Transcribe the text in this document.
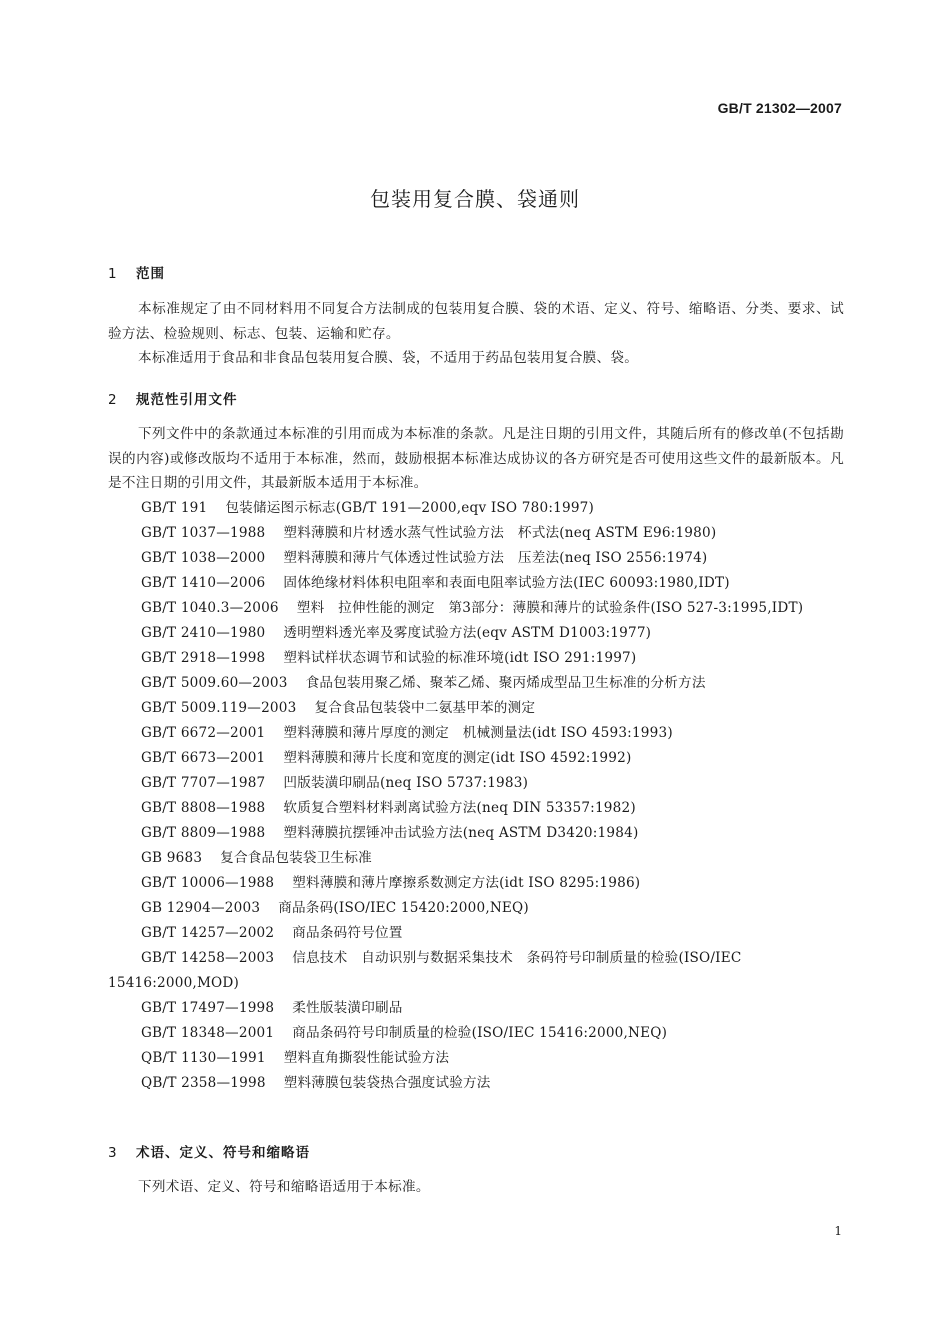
GB/T 21302—2007
包装用复合膜、袋通则
1 范围
本标准规定了由不同材料用不同复合方法制成的包装用复合膜、袋的术语、定义、符号、缩略语、分类、要求、试验方法、检验规则、标志、包装、运输和贮存。
本标准适用于食品和非食品包装用复合膜、袋，不适用于药品包装用复合膜、袋。
2 规范性引用文件
下列文件中的条款通过本标准的引用而成为本标准的条款。凡是注日期的引用文件，其随后所有的修改单(不包括勘误的内容)或修改版均不适用于本标准，然而，鼓励根据本标准达成协议的各方研究是否可使用这些文件的最新版本。凡是不注日期的引用文件，其最新版本适用于本标准。
GB/T 191 包装储运图示标志(GB/T 191—2000,eqv ISO 780:1997)
GB/T 1037—1988 塑料薄膜和片材透水蒸气性试验方法　杯式法(neq ASTM E96:1980)
GB/T 1038—2000 塑料薄膜和薄片气体透过性试验方法　压差法(neq ISO 2556:1974)
GB/T 1410—2006 固体绝缘材料体积电阻率和表面电阻率试验方法(IEC 60093:1980,IDT)
GB/T 1040.3—2006 塑料　拉伸性能的测定　第3部分：薄膜和薄片的试验条件(ISO 527-3:1995,IDT)
GB/T 2410—1980 透明塑料透光率及雾度试验方法(eqv ASTM D1003:1977)
GB/T 2918—1998 塑料试样状态调节和试验的标准环境(idt ISO 291:1997)
GB/T 5009.60—2003 食品包装用聚乙烯、聚苯乙烯、聚丙烯成型品卫生标准的分析方法
GB/T 5009.119—2003 复合食品包装袋中二氨基甲苯的测定
GB/T 6672—2001 塑料薄膜和薄片厚度的测定　机械测量法(idt ISO 4593:1993)
GB/T 6673—2001 塑料薄膜和薄片长度和宽度的测定(idt ISO 4592:1992)
GB/T 7707—1987 凹版装潢印刷品(neq ISO 5737:1983)
GB/T 8808—1988 软质复合塑料材料剥离试验方法(neq DIN 53357:1982)
GB/T 8809—1988 塑料薄膜抗摆锤冲击试验方法(neq ASTM D3420:1984)
GB 9683 复合食品包装袋卫生标准
GB/T 10006—1988 塑料薄膜和薄片摩擦系数测定方法(idt ISO 8295:1986)
GB 12904—2003 商品条码(ISO/IEC 15420:2000,NEQ)
GB/T 14257—2002 商品条码符号位置
GB/T 14258—2003 信息技术　自动识别与数据采集技术　条码符号印制质量的检验(ISO/IEC 15416:2000,MOD)
GB/T 17497—1998 柔性版装潢印刷品
GB/T 18348—2001 商品条码符号印制质量的检验(ISO/IEC 15416:2000,NEQ)
QB/T 1130—1991 塑料直角撕裂性能试验方法
QB/T 2358—1998 塑料薄膜包装袋热合强度试验方法
3 术语、定义、符号和缩略语
下列术语、定义、符号和缩略语适用于本标准。
1
